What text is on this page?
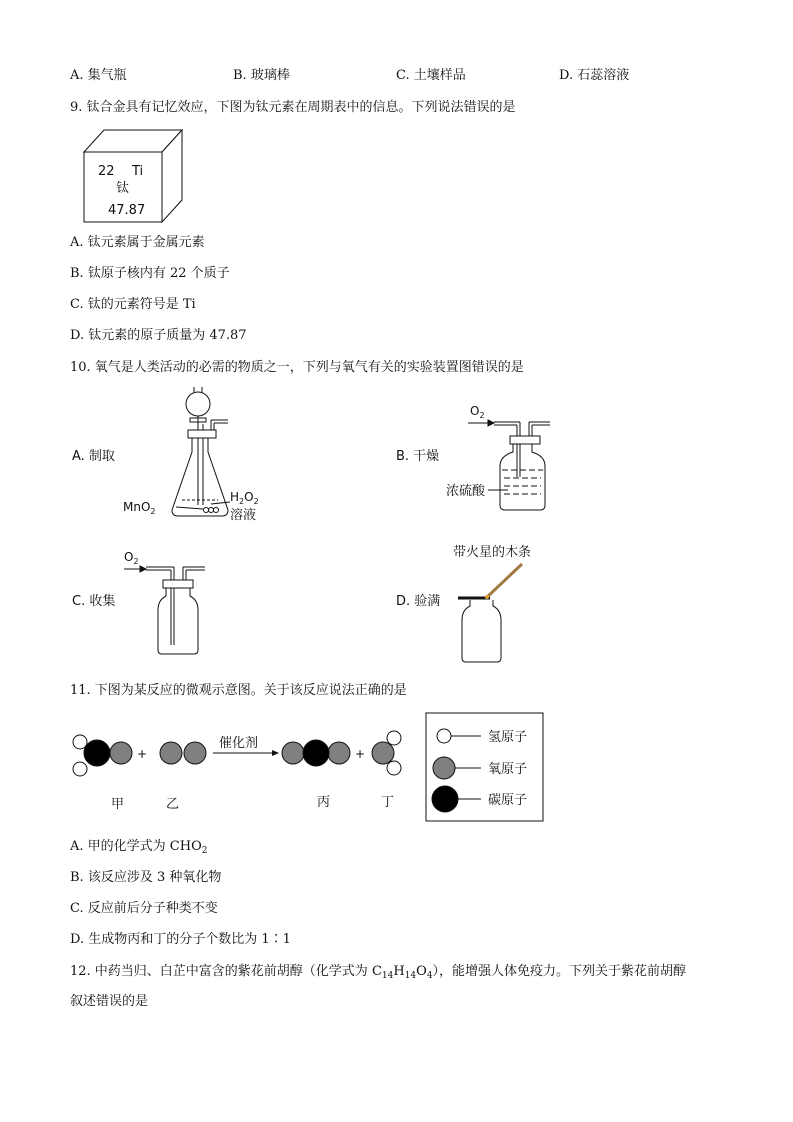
A. 集气瓶	B. 玻璃棒	C. 土壤样品	D. 石蕊溶液
9. 钛合金具有记忆效应，下图为钛元素在周期表中的信息。下列说法错误的是
22 Ti
钛
47.87
A. 钛元素属于金属元素
B. 钛原子核内有 22 个质子
C. 钛的元素符号是 Ti
D. 钛元素的原子质量为 47.87
10. 氧气是人类活动的必需的物质之一，下列与氧气有关的实验装置图错误的是
A. 制取	B. 干燥
C. 收集	D. 验满
MnO$_2$
$H_2O_2$
溶液
$O_2$
浓硫酸
$O_2$
带火星的木条
11. 下图为某反应的微观示意图。关于该反应说法正确的是
+
催化剂
+
甲	乙	丙	丁
氢原子
氧原子
碳原子
A. 甲的化学式为 $CHO_2$
B. 该反应涉及 3 种氧化物
C. 反应前后分子种类不变
D. 生成物丙和丁的分子个数比为 1∶1
12. 中药当归、白芷中富含的紫花前胡醇（化学式为 $C_{14}H_{14}O_4$），能增强人体免疫力。下列关于紫花前胡醇
叙述错误的是
